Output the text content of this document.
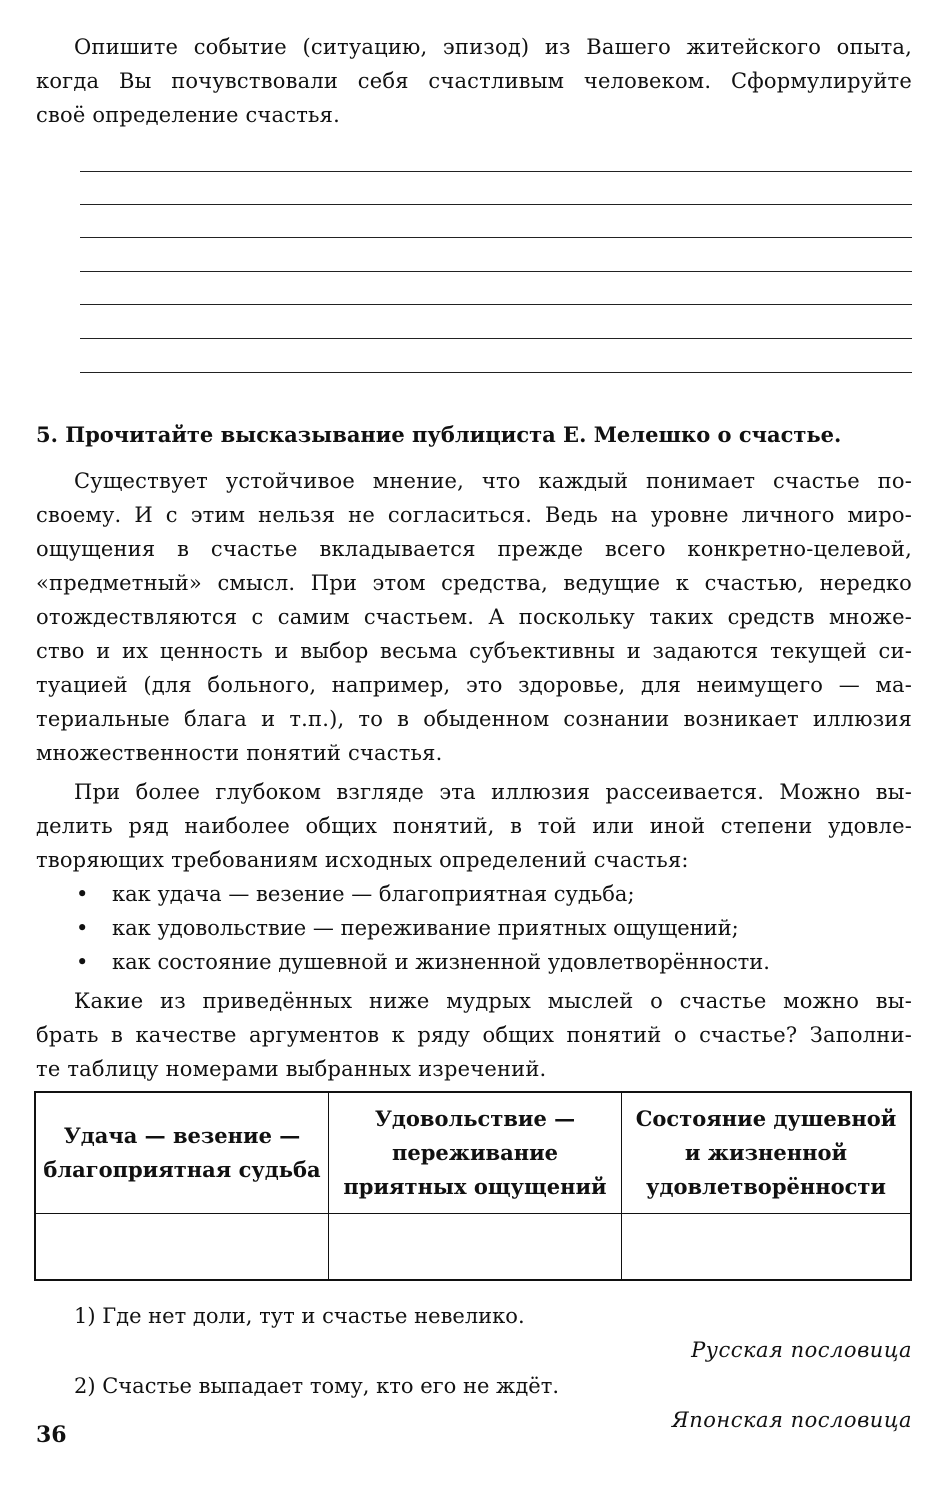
Опишите событие (ситуацию, эпизод) из Вашего житейского опыта,
когда Вы почувствовали себя счастливым человеком. Сформулируйте
своё определение счастья.
5. Прочитайте высказывание публициста Е. Мелешко о счастье.
Существует устойчивое мнение, что каждый понимает счастье по-
своему. И с этим нельзя не согласиться. Ведь на уровне личного миро-
ощущения в счастье вкладывается прежде всего конкретно-целевой,
«предметный» смысл. При этом средства, ведущие к счастью, нередко
отождествляются с самим счастьем. А поскольку таких средств множе-
ство и их ценность и выбор весьма субъективны и задаются текущей си-
туацией (для больного, например, это здоровье, для неимущего — ма-
териальные блага и т.п.), то в обыденном сознании возникает иллюзия
множественности понятий счастья.
При более глубоком взгляде эта иллюзия рассеивается. Можно вы-
делить ряд наиболее общих понятий, в той или иной степени удовле-
творяющих требованиям исходных определений счастья:
• как удача — везение — благоприятная судьба;
• как удовольствие — переживание приятных ощущений;
• как состояние душевной и жизненной удовлетворённости.
Какие из приведённых ниже мудрых мыслей о счастье можно вы-
брать в качестве аргументов к ряду общих понятий о счастье? Заполни-
те таблицу номерами выбранных изречений.
Удача — везение —
благоприятная судьба
Удовольствие —
переживание
приятных ощущений
Состояние душевной
и жизненной
удовлетворённости
1) Где нет доли, тут и счастье невелико.
Русская пословица
2) Счастье выпадает тому, кто его не ждёт.
Японская пословица
36
